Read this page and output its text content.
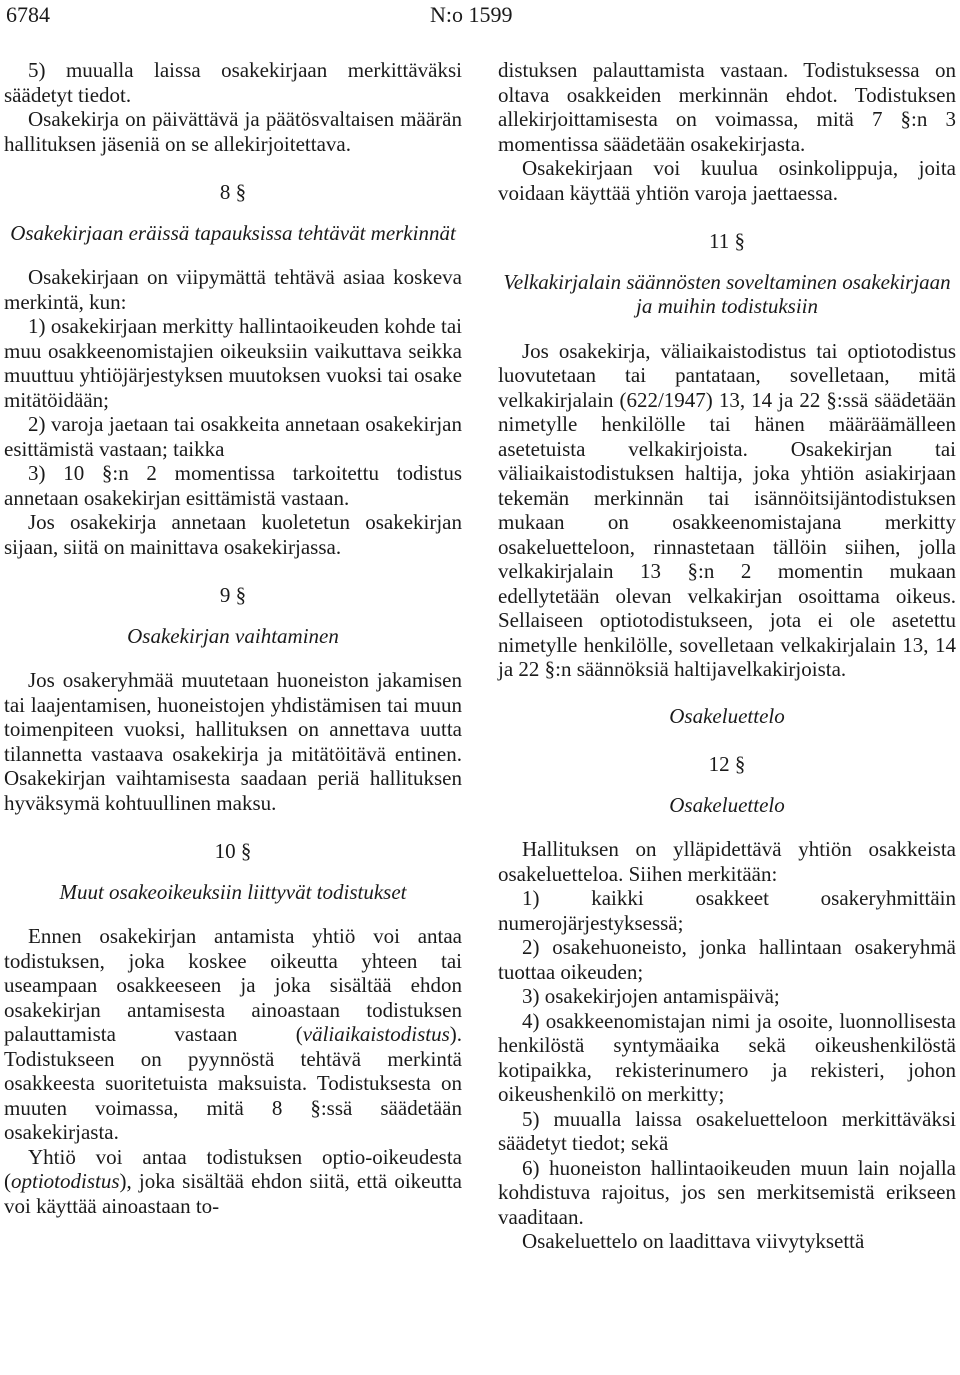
6784	N:o 1599

5) muualla laissa osakekirjaan merkittäväksi säädetyt tiedot.

Osakekirja on päivättävä ja päätösvaltaisen määrän hallituksen jäseniä on se allekirjoitettava.

8 §
Osakekirjaan eräissä tapauksissa tehtävät merkinnät

Osakekirjaan on viipymättä tehtävä asiaa koskeva merkintä, kun:

1) osakekirjaan merkitty hallintaoikeuden kohde tai muu osakkeenomistajien oikeuksiin vaikuttava seikka muuttuu yhtiöjärjestyksen muutoksen vuoksi tai osake mitätöidään;

2) varoja jaetaan tai osakkeita annetaan osakekirjan esittämistä vastaan; taikka

3) 10 §:n 2 momentissa tarkoitettu todistus annetaan osakekirjan esittämistä vastaan.

Jos osakekirja annetaan kuoletetun osakekirjan sijaan, siitä on mainittava osakekirjassa.

9 §
Osakekirjan vaihtaminen

Jos osakeryhmää muutetaan huoneiston jakamisen tai laajentamisen, huoneistojen yhdistämisen tai muun toimenpiteen vuoksi, hallituksen on annettava uutta tilannetta vastaava osakekirja ja mitätöitävä entinen. Osakekirjan vaihtamisesta saadaan periä hallituksen hyväksymä kohtuullinen maksu.

10 §
Muut osakeoikeuksiin liittyvät todistukset

Ennen osakekirjan antamista yhtiö voi antaa todistuksen, joka koskee oikeutta yhteen tai useampaan osakkeeseen ja joka sisältää ehdon osakekirjan antamisesta ainoastaan todistuksen palauttamista vastaan (väliaikaistodistus). Todistukseen on pyynnöstä tehtävä merkintä osakkeesta suoritetuista maksuista. Todistuksesta on muuten voimassa, mitä 8 §:ssä säädetään osakekirjasta.

Yhtiö voi antaa todistuksen optio-oikeudesta (optiotodistus), joka sisältää ehdon siitä, että oikeutta voi käyttää ainoastaan to-

distuksen palauttamista vastaan. Todistuksessa on oltava osakkeiden merkinnän ehdot. Todistuksen allekirjoittamisesta on voimassa, mitä 7 §:n 3 momentissa säädetään osakekirjasta.

Osakekirjaan voi kuulua osinkolippuja, joita voidaan käyttää yhtiön varoja jaettaessa.

11 §
Velkakirjalain säännösten soveltaminen osakekirjaan ja muihin todistuksiin

Jos osakekirja, väliaikaistodistus tai optiotodistus luovutetaan tai pantataan, sovelletaan, mitä velkakirjalain (622/1947) 13, 14 ja 22 §:ssä säädetään nimetylle henkilölle tai hänen määräämälleen asetetuista velkakirjoista. Osakekirjan tai väliaikaistodistuksen haltija, joka yhtiön asiakirjaan tekemän merkinnän tai isännöitsijäntodistuksen mukaan on osakkeenomistajana merkitty osakeluetteloon, rinnastetaan tällöin siihen, jolla velkakirjalain 13 §:n 2 momentin mukaan edellytetään olevan velkakirjan osoittama oikeus. Sellaiseen optiotodistukseen, jota ei ole asetettu nimetylle henkilölle, sovelletaan velkakirjalain 13, 14 ja 22 §:n säännöksiä haltijavelkakirjoista.

Osakeluettelo
12 §
Osakeluettelo

Hallituksen on ylläpidettävä yhtiön osakkeista osakeluetteloa. Siihen merkitään:

1) kaikki osakkeet osakeryhmittäin numerojärjestyksessä;

2) osakehuoneisto, jonka hallintaan osakeryhmä tuottaa oikeuden;

3) osakekirjojen antamispäivä;

4) osakkeenomistajan nimi ja osoite, luonnollisesta henkilöstä syntymäaika sekä oikeushenkilöstä kotipaikka, rekisterinumero ja rekisteri, johon oikeushenkilö on merkitty;

5) muualla laissa osakeluetteloon merkittäväksi säädetyt tiedot; sekä

6) huoneiston hallintaoikeuden muun lain nojalla kohdistuva rajoitus, jos sen merkitsemistä erikseen vaaditaan.

Osakeluettelo on laadittava viivytyksettä
